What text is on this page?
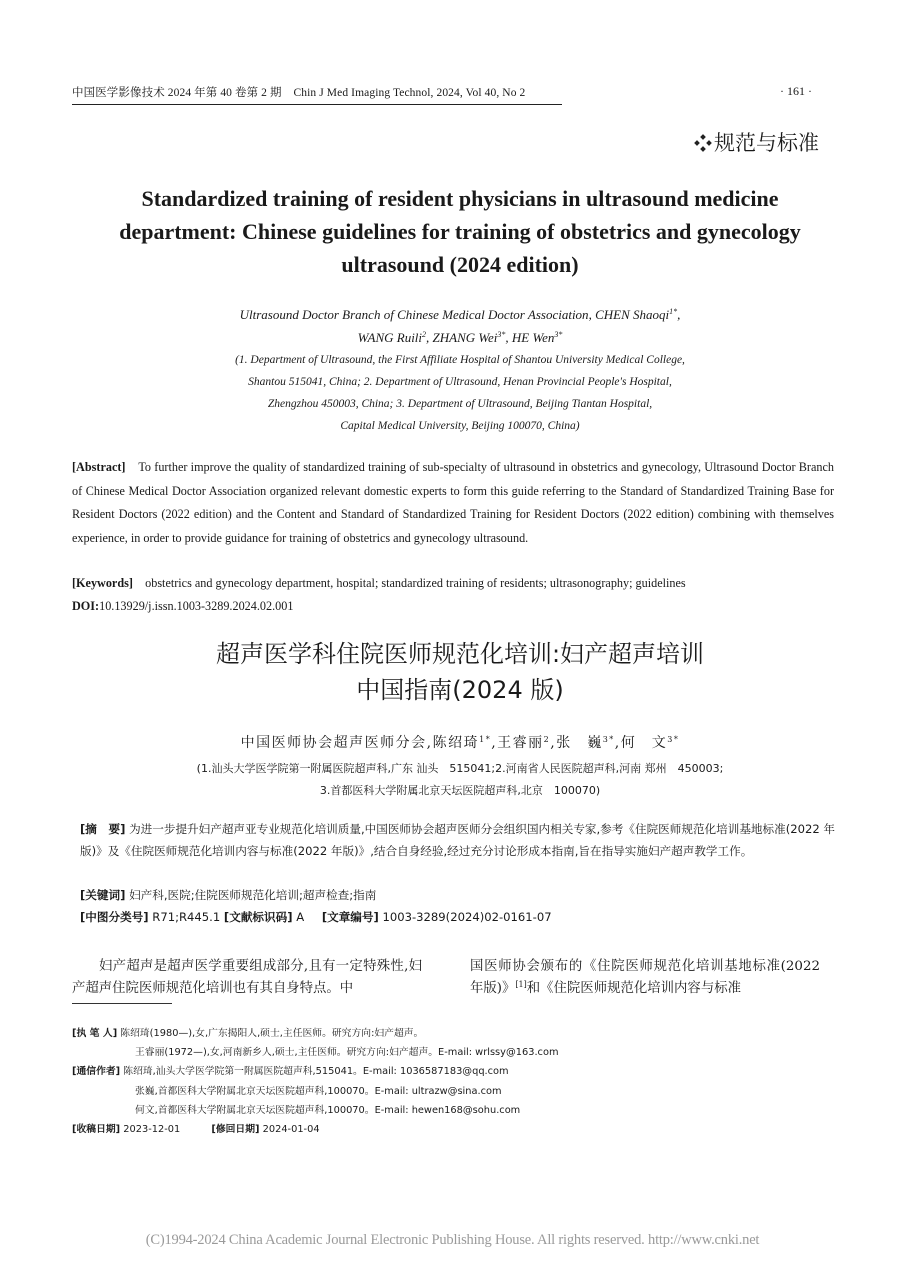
中国医学影像技术 2024 年第 40 卷第 2 期 Chin J Med Imaging Technol, 2024, Vol 40, No 2	· 161 ·
规范与标准
Standardized training of resident physicians in ultrasound medicine department: Chinese guidelines for training of obstetrics and gynecology ultrasound (2024 edition)
Ultrasound Doctor Branch of Chinese Medical Doctor Association, CHEN Shaoqi$^{1*}$,
WANG Ruili$^2$, ZHANG Wei$^{3*}$, HE Wen$^{3*}$
(1. Department of Ultrasound, the First Affiliate Hospital of Shantou University Medical College,
Shantou 515041, China; 2. Department of Ultrasound, Henan Provincial People's Hospital,
Zhengzhou 450003, China; 3. Department of Ultrasound, Beijing Tiantan Hospital,
Capital Medical University, Beijing 100070, China)
[Abstract] To further improve the quality of standardized training of sub-specialty of ultrasound in obstetrics and gynecology, Ultrasound Doctor Branch of Chinese Medical Doctor Association organized relevant domestic experts to form this guide referring to the Standard of Standardized Training Base for Resident Doctors (2022 edition) and the Content and Standard of Standardized Training for Resident Doctors (2022 edition) combining with themselves experience, in order to provide guidance for training of obstetrics and gynecology ultrasound.
[Keywords] obstetrics and gynecology department, hospital; standardized training of residents; ultrasonography; guidelines
DOI:10.13929/j.issn.1003-3289.2024.02.001
超声医学科住院医师规范化培训:妇产超声培训
中国指南(2024 版)
中国医师协会超声医师分会,陈绍琦$^{1*}$,王睿丽$^2$,张　巍$^{3*}$,何　文$^{3*}$
(1.汕头大学医学院第一附属医院超声科,广东 汕头　515041;2.河南省人民医院超声科,河南 郑州　450003;
3.首都医科大学附属北京天坛医院超声科,北京　100070)
[摘　要] 为进一步提升妇产超声亚专业规范化培训质量,中国医师协会超声医师分会组织国内相关专家,参考《住院医师规范化培训基地标准(2022 年版)》及《住院医师规范化培训内容与标准(2022 年版)》,结合自身经验,经过充分讨论形成本指南,旨在指导实施妇产超声教学工作。
[关键词] 妇产科,医院;住院医师规范化培训;超声检查;指南
[中图分类号] R71;R445.1 [文献标识码] A [文章编号] 1003-3289(2024)02-0161-07
妇产超声是超声医学重要组成部分,且有一定特殊性,妇产超声住院医师规范化培训也有其自身特点。中
国医师协会颁布的《住院医师规范化培训基地标准(2022 年版)》[1]和《住院医师规范化培训内容与标准
[执 笔 人] 陈绍琦(1980—),女,广东揭阳人,硕士,主任医师。研究方向:妇产超声。
王睿丽(1972—),女,河南新乡人,硕士,主任医师。研究方向:妇产超声。E-mail: wrlssy@163.com
[通信作者] 陈绍琦,汕头大学医学院第一附属医院超声科,515041。E-mail: 1036587183@qq.com
张巍,首都医科大学附属北京天坛医院超声科,100070。E-mail: ultrazw@sina.com
何文,首都医科大学附属北京天坛医院超声科,100070。E-mail: hewen168@sohu.com
[收稿日期] 2023-12-01	[修回日期] 2024-01-04
(C)1994-2024 China Academic Journal Electronic Publishing House. All rights reserved. http://www.cnki.net
